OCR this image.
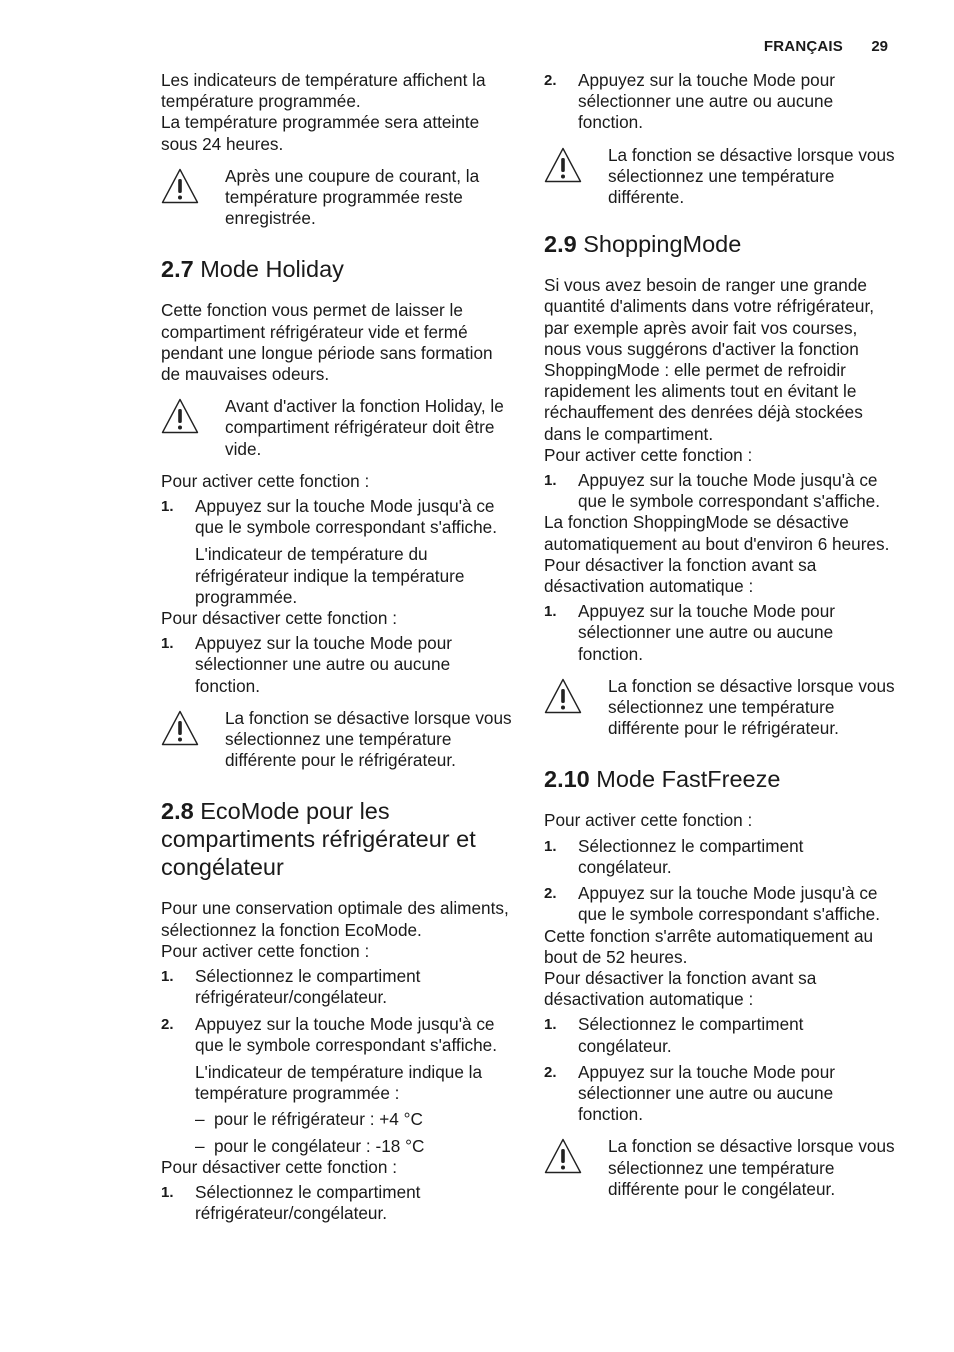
FRANÇAIS 29

Les indicateurs de température affichent la température programmée.

La température programmée sera atteinte sous 24 heures.

Après une coupure de courant, la température programmée reste enregistrée.
2.7 Mode Holiday

Cette fonction vous permet de laisser le compartiment réfrigérateur vide et fermé pendant une longue période sans formation de mauvaises odeurs.

Avant d'activer la fonction Holiday, le compartiment réfrigérateur doit être vide.

Pour activer cette fonction :

1. Appuyez sur la touche Mode jusqu'à ce que le symbole correspondant s'affiche.
L'indicateur de température du réfrigérateur indique la température programmée.

Pour désactiver cette fonction :

1. Appuyez sur la touche Mode pour sélectionner une autre ou aucune fonction.
La fonction se désactive lorsque vous sélectionnez une température différente pour le réfrigérateur.
2.8 EcoMode pour les compartiments réfrigérateur et congélateur

Pour une conservation optimale des aliments, sélectionnez la fonction EcoMode.

Pour activer cette fonction :

1. Sélectionnez le compartiment réfrigérateur/congélateur.
2. Appuyez sur la touche Mode jusqu'à ce que le symbole correspondant s'affiche.
L'indicateur de température indique la température programmée :
– pour le réfrigérateur : +4 °C
– pour le congélateur : -18 °C

Pour désactiver cette fonction :

1. Sélectionnez le compartiment réfrigérateur/congélateur.
2. Appuyez sur la touche Mode pour sélectionner une autre ou aucune fonction.
La fonction se désactive lorsque vous sélectionnez une température différente.
2.9 ShoppingMode

Si vous avez besoin de ranger une grande quantité d'aliments dans votre réfrigérateur, par exemple après avoir fait vos courses, nous vous suggérons d'activer la fonction ShoppingMode : elle permet de refroidir rapidement les aliments tout en évitant le réchauffement des denrées déjà stockées dans le compartiment.

Pour activer cette fonction :

1. Appuyez sur la touche Mode jusqu'à ce que le symbole correspondant s'affiche.

La fonction ShoppingMode se désactive automatiquement au bout d'environ 6 heures.

Pour désactiver la fonction avant sa désactivation automatique :

1. Appuyez sur la touche Mode pour sélectionner une autre ou aucune fonction.
La fonction se désactive lorsque vous sélectionnez une température différente pour le réfrigérateur.
2.10 Mode FastFreeze

Pour activer cette fonction :

1. Sélectionnez le compartiment congélateur.
2. Appuyez sur la touche Mode jusqu'à ce que le symbole correspondant s'affiche.

Cette fonction s'arrête automatiquement au bout de 52 heures.

Pour désactiver la fonction avant sa désactivation automatique :

1. Sélectionnez le compartiment congélateur.
2. Appuyez sur la touche Mode pour sélectionner une autre ou aucune fonction.
La fonction se désactive lorsque vous sélectionnez une température différente pour le congélateur.
